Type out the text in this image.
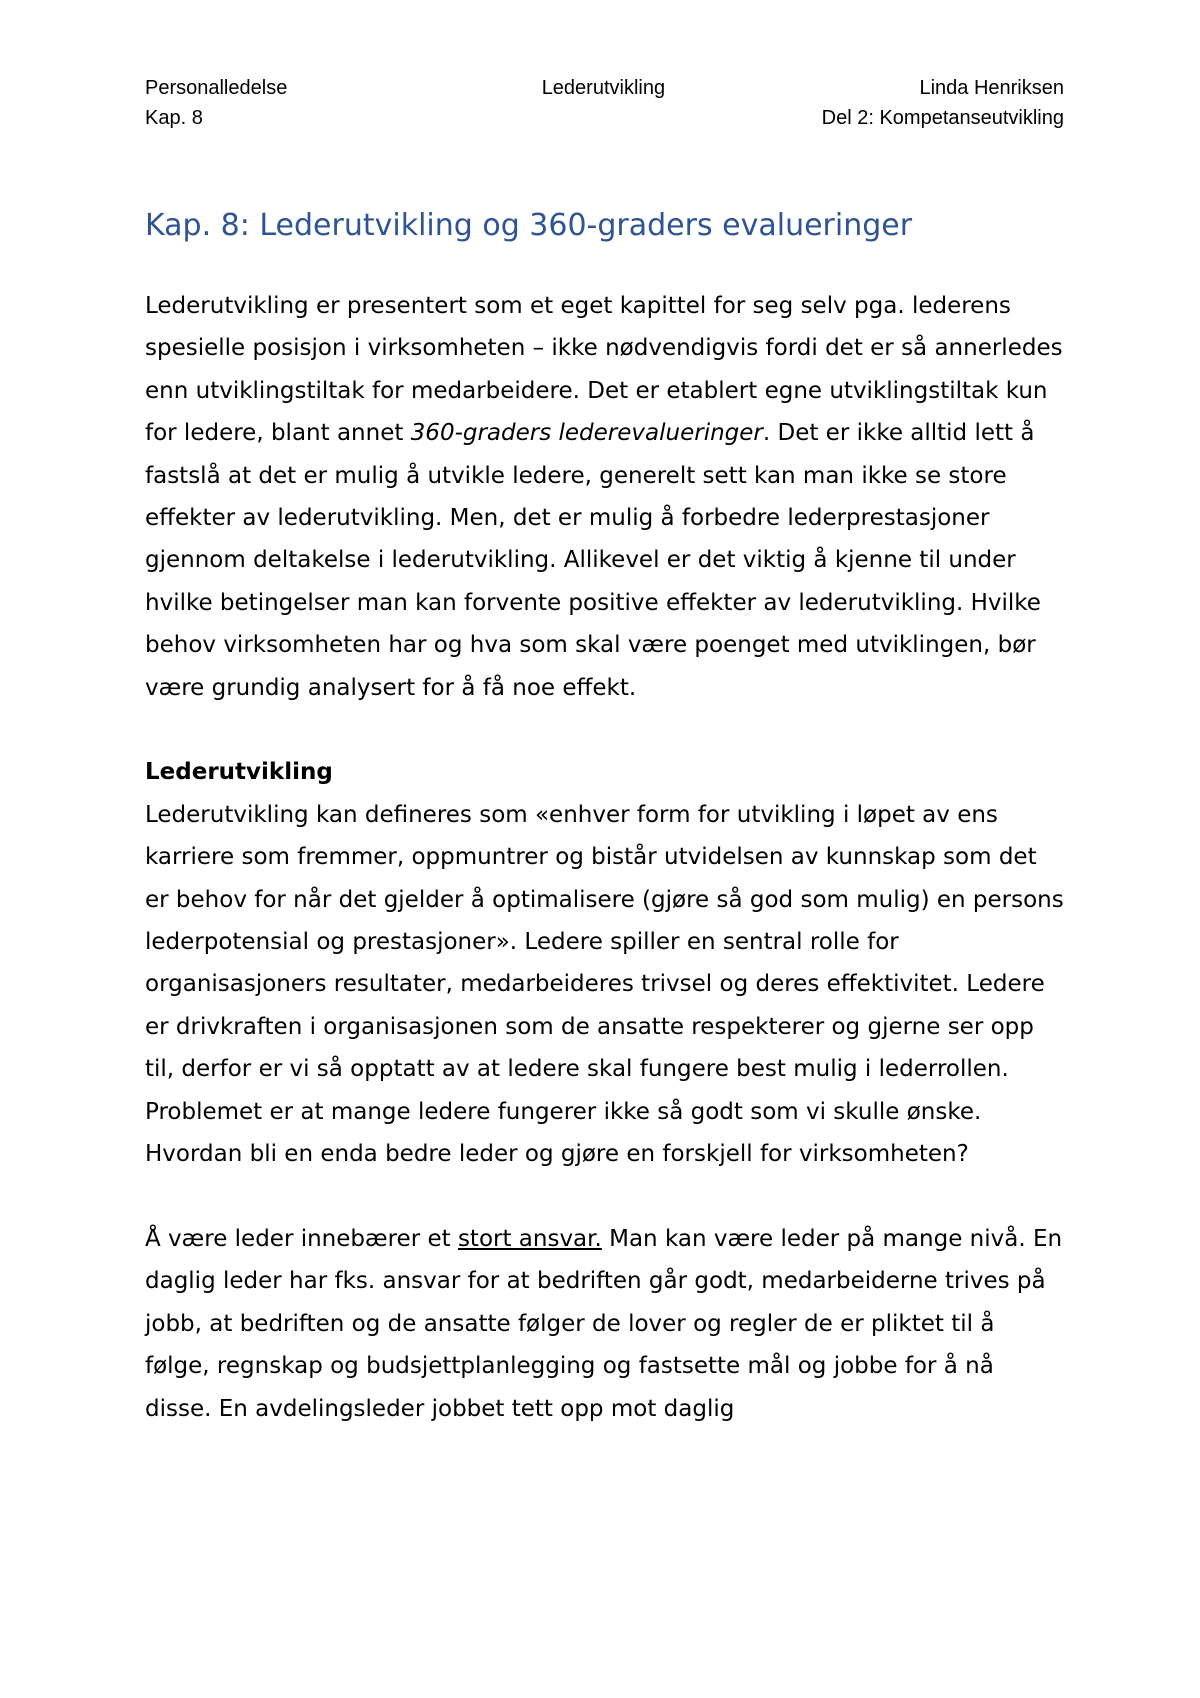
Personalledelse	Lederutvikling	Linda Henriksen
Kap. 8	Del 2: Kompetanseutvikling
Kap. 8: Lederutvikling og 360-graders evalueringer

Lederutvikling er presentert som et eget kapittel for seg selv pga. lederens spesielle posisjon i virksomheten – ikke nødvendigvis fordi det er så annerledes enn utviklingstiltak for medarbeidere. Det er etablert egne utviklingstiltak kun for ledere, blant annet 360-graders lederevalueringer. Det er ikke alltid lett å fastslå at det er mulig å utvikle ledere, generelt sett kan man ikke se store effekter av lederutvikling. Men, det er mulig å forbedre lederprestasjoner gjennom deltakelse i lederutvikling. Allikevel er det viktig å kjenne til under hvilke betingelser man kan forvente positive effekter av lederutvikling. Hvilke behov virksomheten har og hva som skal være poenget med utviklingen, bør være grundig analysert for å få noe effekt.

Lederutvikling

Lederutvikling kan defineres som «enhver form for utvikling i løpet av ens karriere som fremmer, oppmuntrer og bistår utvidelsen av kunnskap som det er behov for når det gjelder å optimalisere (gjøre så god som mulig) en persons lederpotensial og prestasjoner». Ledere spiller en sentral rolle for organisasjoners resultater, medarbeideres trivsel og deres effektivitet. Ledere er drivkraften i organisasjonen som de ansatte respekterer og gjerne ser opp til, derfor er vi så opptatt av at ledere skal fungere best mulig i lederrollen. Problemet er at mange ledere fungerer ikke så godt som vi skulle ønske.

Hvordan bli en enda bedre leder og gjøre en forskjell for virksomheten?

Å være leder innebærer et stort ansvar. Man kan være leder på mange nivå. En daglig leder har fks. ansvar for at bedriften går godt, medarbeiderne trives på jobb, at bedriften og de ansatte følger de lover og regler de er pliktet til å følge, regnskap og budsjettplanlegging og fastsette mål og jobbe for å nå disse. En avdelingsleder jobbet tett opp mot daglig
